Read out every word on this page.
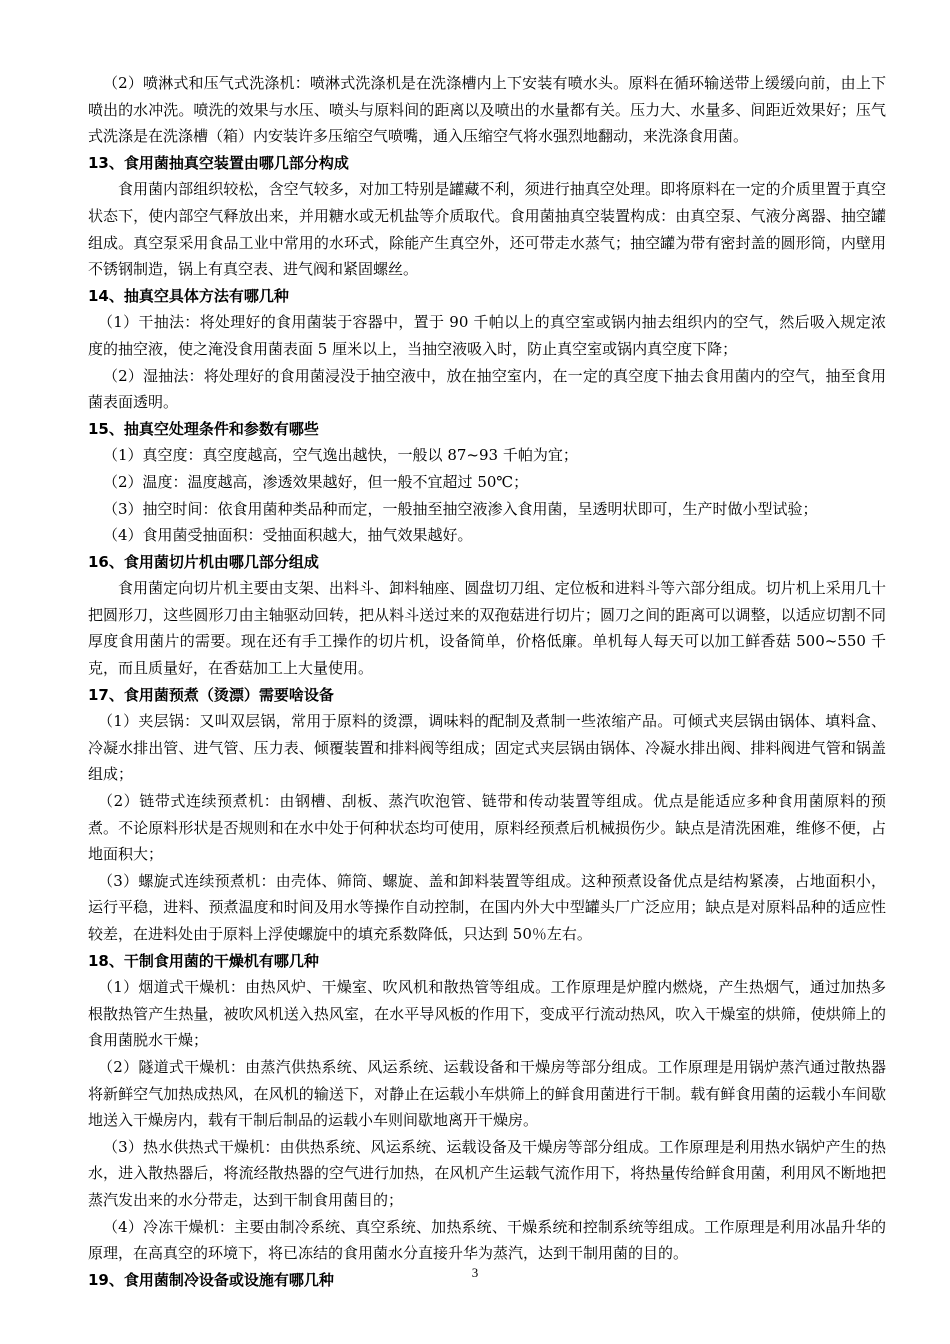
（2）喷淋式和压气式洗涤机：喷淋式洗涤机是在洗涤槽内上下安装有喷水头。原料在循环输送带上缓缓向前，由上下喷出的水冲洗。喷洗的效果与水压、喷头与原料间的距离以及喷出的水量都有关。压力大、水量多、间距近效果好；压气式洗涤是在洗涤槽（箱）内安装许多压缩空气喷嘴，通入压缩空气将水强烈地翻动，来洗涤食用菌。

13、食用菌抽真空装置由哪几部分构成

食用菌内部组织较松，含空气较多，对加工特别是罐藏不利，须进行抽真空处理。即将原料在一定的介质里置于真空状态下，使内部空气释放出来，并用糖水或无机盐等介质取代。食用菌抽真空装置构成：由真空泵、气液分离器、抽空罐组成。真空泵采用食品工业中常用的水环式，除能产生真空外，还可带走水蒸气；抽空罐为带有密封盖的圆形筒，内壁用不锈钢制造，锅上有真空表、进气阀和紧固螺丝。

14、抽真空具体方法有哪几种

（1）干抽法：将处理好的食用菌装于容器中，置于 90 千帕以上的真空室或锅内抽去组织内的空气，然后吸入规定浓度的抽空液，使之淹没食用菌表面 5 厘米以上，当抽空液吸入时，防止真空室或锅内真空度下降；

（2）湿抽法：将处理好的食用菌浸没于抽空液中，放在抽空室内，在一定的真空度下抽去食用菌内的空气，抽至食用菌表面透明。

15、抽真空处理条件和参数有哪些

（1）真空度：真空度越高，空气逸出越快，一般以 87~93 千帕为宜；

（2）温度：温度越高，渗透效果越好，但一般不宜超过 50℃；

（3）抽空时间：依食用菌种类品种而定，一般抽至抽空液渗入食用菌，呈透明状即可，生产时做小型试验；

（4）食用菌受抽面积：受抽面积越大，抽气效果越好。

16、食用菌切片机由哪几部分组成

食用菌定向切片机主要由支架、出料斗、卸料轴座、圆盘切刀组、定位板和进料斗等六部分组成。切片机上采用几十把圆形刀，这些圆形刀由主轴驱动回转，把从料斗送过来的双孢菇进行切片；圆刀之间的距离可以调整，以适应切割不同厚度食用菌片的需要。现在还有手工操作的切片机，设备简单，价格低廉。单机每人每天可以加工鲜香菇 500~550 千克，而且质量好，在香菇加工上大量使用。

17、食用菌预煮（烫漂）需要啥设备

（1）夹层锅：又叫双层锅，常用于原料的烫漂，调味料的配制及煮制一些浓缩产品。可倾式夹层锅由锅体、填料盒、冷凝水排出管、进气管、压力表、倾覆装置和排料阀等组成；固定式夹层锅由锅体、冷凝水排出阀、排料阀进气管和锅盖组成；

（2）链带式连续预煮机：由钢槽、刮板、蒸汽吹泡管、链带和传动装置等组成。优点是能适应多种食用菌原料的预煮。不论原料形状是否规则和在水中处于何种状态均可使用，原料经预煮后机械损伤少。缺点是清洗困难，维修不便，占地面积大；

（3）螺旋式连续预煮机：由壳体、筛筒、螺旋、盖和卸料装置等组成。这种预煮设备优点是结构紧凑，占地面积小，运行平稳，进料、预煮温度和时间及用水等操作自动控制，在国内外大中型罐头厂广泛应用；缺点是对原料品种的适应性较差，在进料处由于原料上浮使螺旋中的填充系数降低，只达到 50％左右。

18、干制食用菌的干燥机有哪几种

（1）烟道式干燥机：由热风炉、干燥室、吹风机和散热管等组成。工作原理是炉膛内燃烧，产生热烟气，通过加热多根散热管产生热量，被吹风机送入热风室，在水平导风板的作用下，变成平行流动热风，吹入干燥室的烘筛，使烘筛上的食用菌脱水干燥；

（2）隧道式干燥机：由蒸汽供热系统、风运系统、运载设备和干燥房等部分组成。工作原理是用锅炉蒸汽通过散热器将新鲜空气加热成热风，在风机的输送下，对静止在运载小车烘筛上的鲜食用菌进行干制。载有鲜食用菌的运载小车间歇地送入干燥房内，载有干制后制品的运载小车则间歇地离开干燥房。

（3）热水供热式干燥机：由供热系统、风运系统、运载设备及干燥房等部分组成。工作原理是利用热水锅炉产生的热水，进入散热器后，将流经散热器的空气进行加热，在风机产生运载气流作用下，将热量传给鲜食用菌，利用风不断地把蒸汽发出来的水分带走，达到干制食用菌目的；

（4）冷冻干燥机：主要由制冷系统、真空系统、加热系统、干燥系统和控制系统等组成。工作原理是利用冰晶升华的原理，在高真空的环境下，将已冻结的食用菌水分直接升华为蒸汽，达到干制用菌的目的。

19、食用菌制冷设备或设施有哪几种	3
